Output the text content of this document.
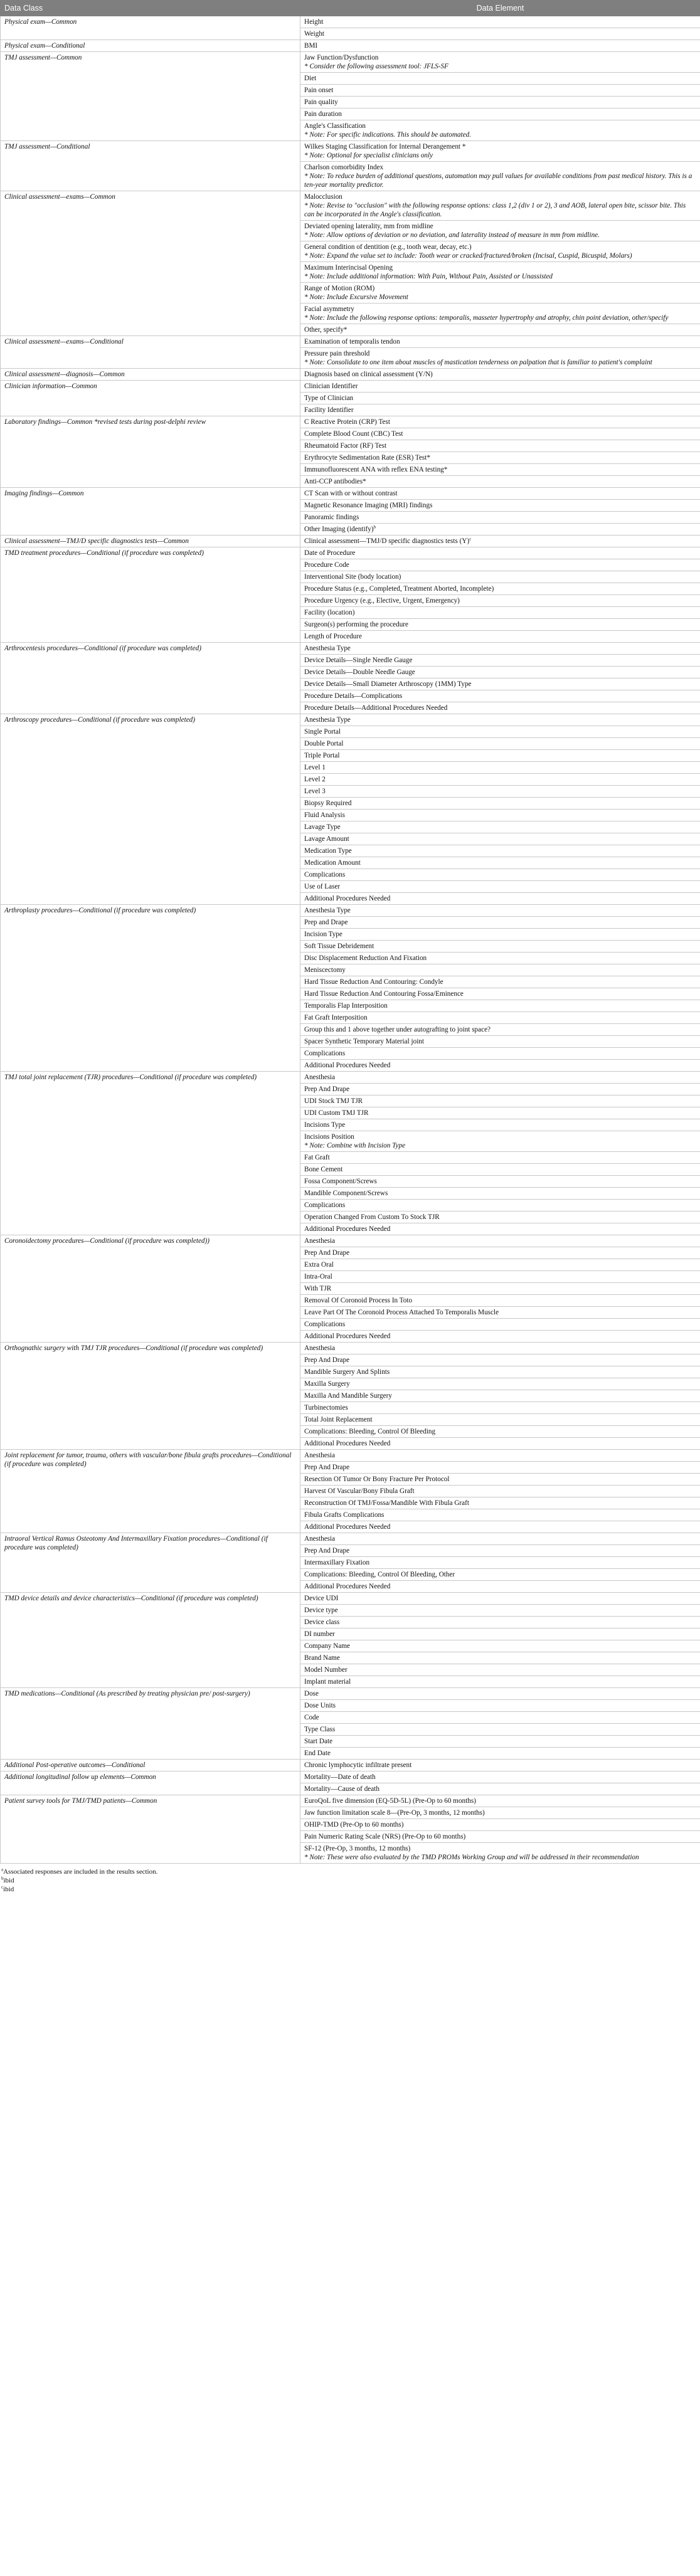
Data Class	Data Element
Physical exam—Common	Height

	Weight

Physical exam—Conditional	BMI

TMJ assessment—Common	Jaw Function/Dysfunction
* Consider the following assessment tool: JFLS-SF

	Diet

	Pain onset

	Pain quality

	Pain duration

	Angle's Classification
* Note: For specific indications. This should be automated.

TMJ assessment—Conditional	Wilkes Staging Classification for Internal Derangement *
* Note: Optional for specialist clinicians only

	Charlson comorbidity Index
* Note: To reduce burden of additional questions, automation may pull values for available conditions from past medical history. This is a ten-year mortality predictor.

Clinical assessment—exams—Common	Malocclusion
* Note: Revise to "occlusion" with the following response options: class 1,2 (div 1 or 2), 3 and AOB, lateral open bite, scissor bite. This can be incorporated in the Angle's classification.

	Deviated opening laterality, mm from midline
* Note: Allow options of deviation or no deviation, and laterality instead of measure in mm from midline.

	General condition of dentition (e.g., tooth wear, decay, etc.)
* Note: Expand the value set to include: Tooth wear or cracked/fractured/broken (Incisal, Cuspid, Bicuspid, Molars)

	Maximum Interincisal Opening
* Note: Include additional information: With Pain, Without Pain, Assisted or Unassisted

	Range of Motion (ROM)
* Note: Include Excursive Movement

	Facial asymmetry
* Note: Include the following response options: temporalis, masseter hypertrophy and atrophy, chin point deviation, other/specify

	Other, specify*

Clinical assessment—exams—Conditional	Examination of temporalis tendon

	Pressure pain threshold
* Note: Consolidate to one item about muscles of mastication tenderness on palpation that is familiar to patient's complaint

Clinical assessment—diagnosis—Common	Diagnosis based on clinical assessment (Y/N)

Clinician information—Common	Clinician Identifier

	Type of Clinician

	Facility Identifier

Laboratory findings—Common *revised tests during post-delphi review	C Reactive Protein (CRP) Test

	Complete Blood Count (CBC) Test

	Rheumatoid Factor (RF) Test

	Erythrocyte Sedimentation Rate (ESR) Test*

	Immunofluorescent ANA with reflex ENA testing*

	Anti-CCP antibodies*

Imaging findings—Common	CT Scan with or without contrast

	Magnetic Resonance Imaging (MRI) findings

	Panoramic findings

	Other Imaging (identify)$^b$

Clinical assessment—TMJ/D specific diagnostics tests—Common	Clinical assessment—TMJ/D specific diagnostics tests $(Y)^c$

TMD treatment procedures—Conditional (if procedure was completed)	Date of Procedure

	Procedure Code

	Interventional Site (body location)

	Procedure Status (e.g., Completed, Treatment Aborted, Incomplete)

	Procedure Urgency (e.g., Elective, Urgent, Emergency)

	Facility (location)

	Surgeon(s) performing the procedure

	Length of Procedure

Arthrocentesis procedures—Conditional (if procedure was completed)	Anesthesia Type

	Device Details—Single Needle Gauge

	Device Details—Double Needle Gauge

	Device Details—Small Diameter Arthroscopy (1MM) Type

	Procedure Details—Complications

	Procedure Details—Additional Procedures Needed

Arthroscopy procedures—Conditional (if procedure was completed)	Anesthesia Type

	Single Portal

	Double Portal

	Triple Portal

	Level 1

	Level 2

	Level 3

	Biopsy Required

	Fluid Analysis

	Lavage Type

	Lavage Amount

	Medication Type

	Medication Amount

	Complications

	Use of Laser

	Additional Procedures Needed

Arthroplasty procedures—Conditional (if procedure was completed)	Anesthesia Type

	Prep and Drape

	Incision Type

	Soft Tissue Debridement

	Disc Displacement Reduction And Fixation

	Meniscectomy

	Hard Tissue Reduction And Contouring: Condyle

	Hard Tissue Reduction And Contouring Fossa/Eminence

	Temporalis Flap Interposition

	Fat Graft Interposition

	Group this and 1 above together under autografting to joint space?

	Spacer Synthetic Temporary Material joint

	Complications

	Additional Procedures Needed

TMJ total joint replacement (TJR) procedures—Conditional (if procedure was completed)	Anesthesia

	Prep And Drape

	UDI Stock TMJ TJR

	UDI Custom TMJ TJR

	Incisions Type

	Incisions Position
* Note: Combine with Incision Type

	Fat Graft

	Bone Cement

	Fossa Component/Screws

	Mandible Component/Screws

	Complications

	Operation Changed From Custom To Stock TJR

	Additional Procedures Needed

Coronoidectomy procedures—Conditional (if procedure was completed))	Anesthesia

	Prep And Drape

	Extra Oral

	Intra-Oral

	With TJR

	Removal Of Coronoid Process In Toto

	Leave Part Of The Coronoid Process Attached To Temporalis Muscle

	Complications

	Additional Procedures Needed

Orthognathic surgery with TMJ TJR procedures—Conditional (if procedure was completed)	Anesthesia

	Prep And Drape

	Mandible Surgery And Splints

	Maxilla Surgery

	Maxilla And Mandible Surgery

	Turbinectomies

	Total Joint Replacement

	Complications: Bleeding, Control Of Bleeding

	Additional Procedures Needed

Joint replacement for tumor, trauma, others with vascular/bone fibula grafts procedures—Conditional (if procedure was completed)	Anesthesia

	Prep And Drape

	Resection Of Tumor Or Bony Fracture Per Protocol

	Harvest Of Vascular/Bony Fibula Graft

	Reconstruction Of TMJ/Fossa/Mandible With Fibula Graft

	Fibula Grafts Complications

	Additional Procedures Needed

Intraoral Vertical Ramus Osteotomy And Intermaxillary Fixation procedures—Conditional (if procedure was completed)	Anesthesia

	Prep And Drape

	Intermaxillary Fixation

	Complications: Bleeding, Control Of Bleeding, Other

	Additional Procedures Needed

TMD device details and device characteristics—Conditional (if procedure was completed)	Device UDI

	Device type

	Device class

	DI number

	Company Name

	Brand Name

	Model Number

	Implant material

TMD medications—Conditional (As prescribed by treating physician pre/ post-surgery)	Dose

	Dose Units

	Code

	Type Class

	Start Date

	End Date

Additional Post-operative outcomes—Conditional	Chronic lymphocytic infiltrate present

Additional longitudinal follow up elements—Common	Mortality—Date of death

	Mortality—Cause of death

Patient survey tools for TMJ/TMD patients—Common	EuroQoL five dimension (EQ-5D-5L) (Pre-Op to 60 months)

	Jaw function limitation scale 8—(Pre-Op, 3 months, 12 months)

	OHIP-TMD (Pre-Op to 60 months)

	Pain Numeric Rating Scale (NRS) (Pre-Op to 60 months)

	SF-12 (Pre-Op, 3 months, 12 months)
* Note: These were also evaluated by the TMD PROMs Working Group and will be addressed in their recommendation
$^a$Associated responses are included in the results section.
$^b$ibid
$^c$ibid
